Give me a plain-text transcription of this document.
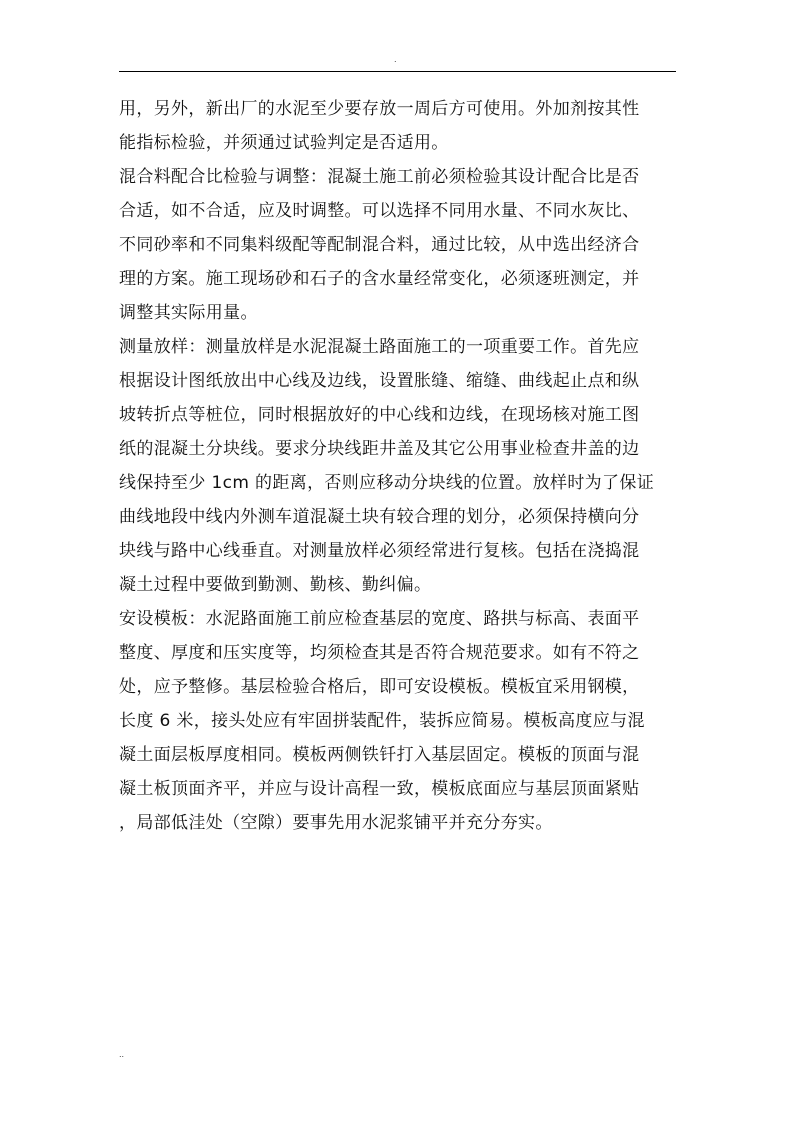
.
用，另外，新出厂的水泥至少要存放一周后方可使用。外加剂按其性
能指标检验，并须通过试验判定是否适用。
混合料配合比检验与调整：混凝土施工前必须检验其设计配合比是否
合适，如不合适，应及时调整。可以选择不同用水量、不同水灰比、
不同砂率和不同集料级配等配制混合料，通过比较，从中选出经济合
理的方案。施工现场砂和石子的含水量经常变化，必须逐班测定，并
调整其实际用量。
测量放样：测量放样是水泥混凝土路面施工的一项重要工作。首先应
根据设计图纸放出中心线及边线，设置胀缝、缩缝、曲线起止点和纵
坡转折点等桩位，同时根据放好的中心线和边线，在现场核对施工图
纸的混凝土分块线。要求分块线距井盖及其它公用事业检查井盖的边
线保持至少 1cm 的距离，否则应移动分块线的位置。放样时为了保证
曲线地段中线内外测车道混凝土块有较合理的划分，必须保持横向分
块线与路中心线垂直。对测量放样必须经常进行复核。包括在浇捣混
凝土过程中要做到勤测、勤核、勤纠偏。
安设模板：水泥路面施工前应检查基层的宽度、路拱与标高、表面平
整度、厚度和压实度等，均须检查其是否符合规范要求。如有不符之
处，应予整修。基层检验合格后，即可安设模板。模板宜采用钢模，
长度 6 米，接头处应有牢固拼装配件，装拆应简易。模板高度应与混
凝土面层板厚度相同。模板两侧铁钎打入基层固定。模板的顶面与混
凝土板顶面齐平，并应与设计高程一致，模板底面应与基层顶面紧贴
，局部低洼处（空隙）要事先用水泥浆铺平并充分夯实。
..
